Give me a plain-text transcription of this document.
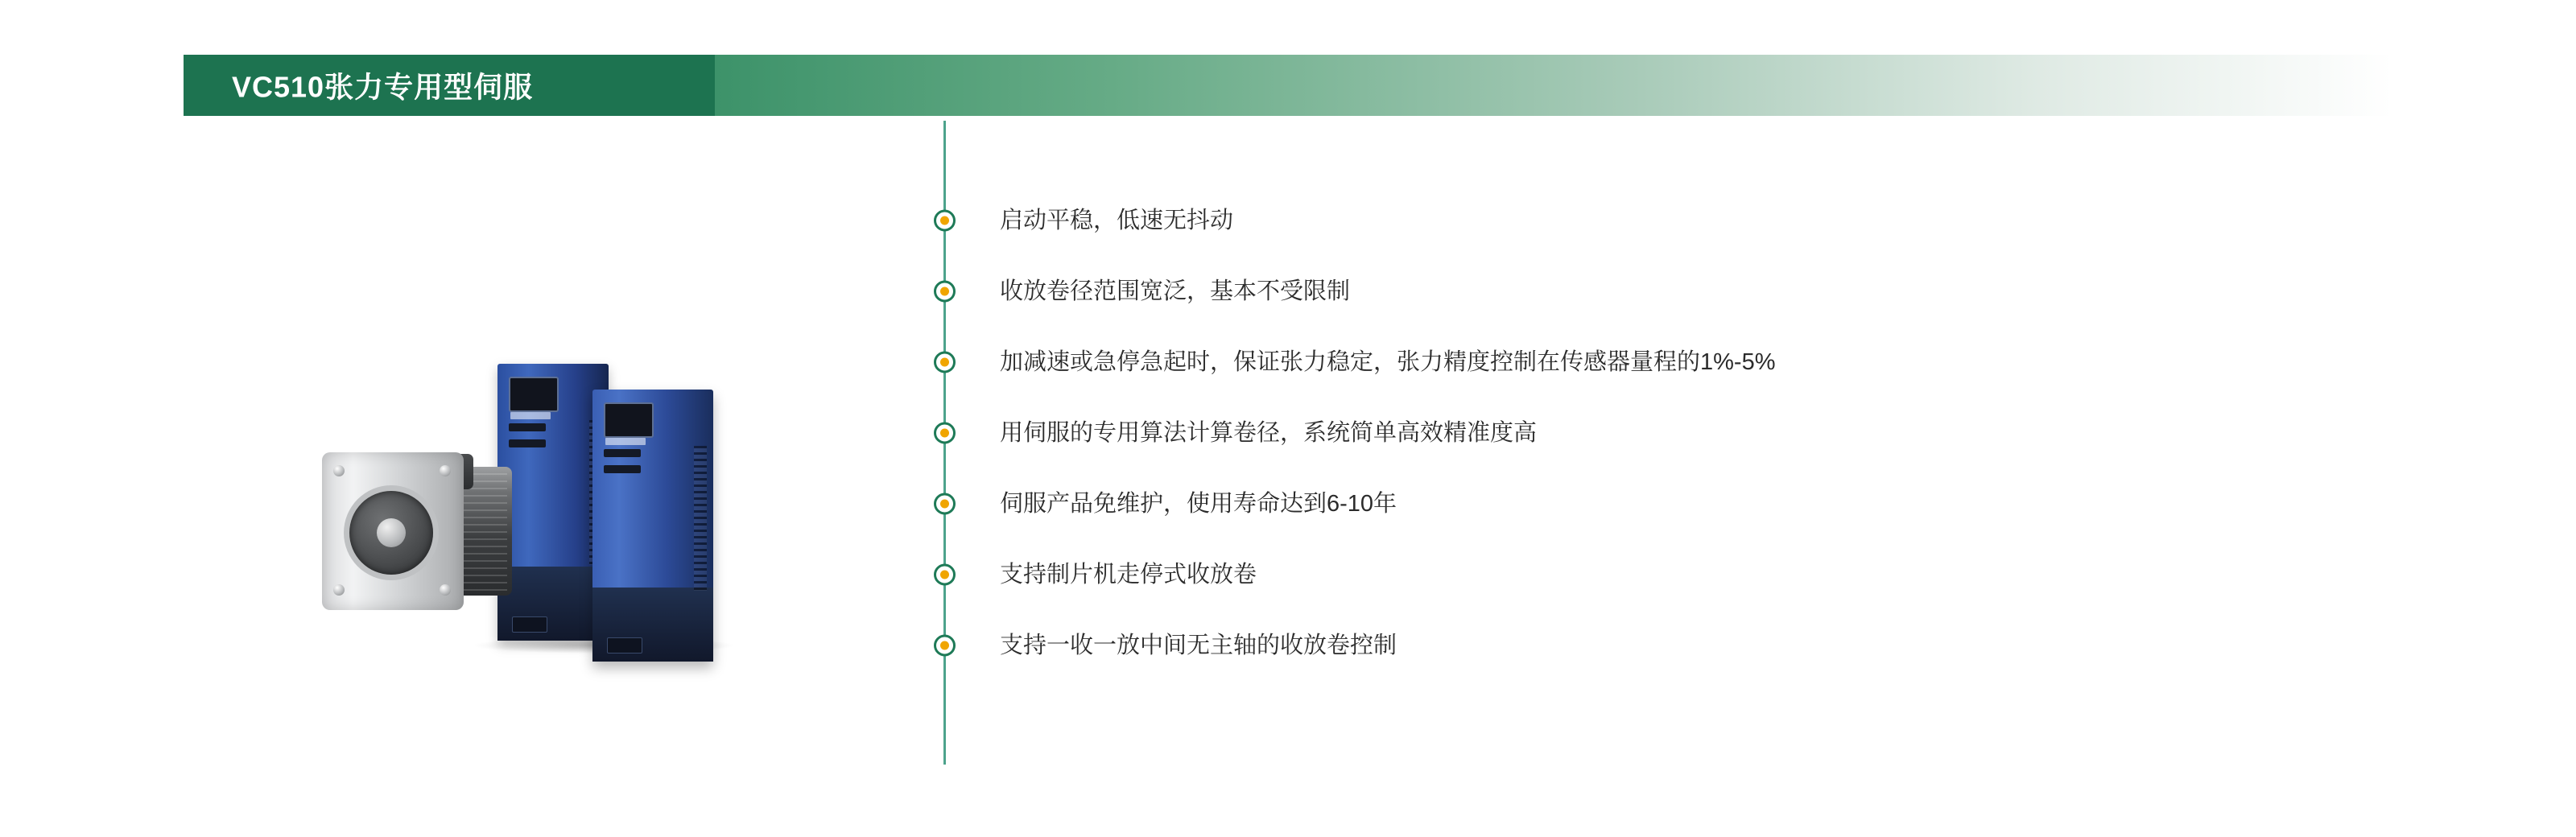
VC510张力专用型伺服
启动平稳，低速无抖动
收放卷径范围宽泛，基本不受限制
加减速或急停急起时，保证张力稳定，张力精度控制在传感器量程的1%-5%
用伺服的专用算法计算卷径，系统简单高效精准度高
伺服产品免维护，使用寿命达到6-10年
支持制片机走停式收放卷
支持一收一放中间无主轴的收放卷控制
